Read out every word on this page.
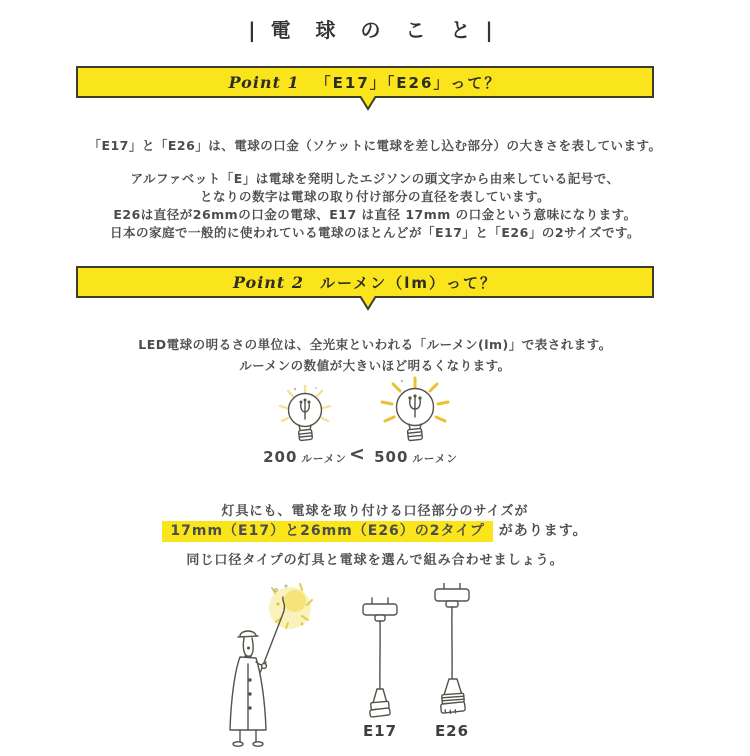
| 電 球 の こ と |
Point 1 「E17」「E26」って？
「E17」と「E26」は、電球の口金（ソケットに電球を差し込む部分）の大きさを表しています。
アルファベット「E」は電球を発明したエジソンの頭文字から由来している記号で、
となりの数字は電球の取り付け部分の直径を表しています。
E26は直径が26mmの口金の電球、E17 は直径 17mm の口金という意味になります。
日本の家庭で一般的に使われている電球のほとんどが「E17」と「E26」の2サイズです。
Point 2 ルーメン（lm）って？
LED電球の明るさの単位は、全光束といわれる「ルーメン(lm)」で表されます。
ルーメンの数値が大きいほど明るくなります。
200 ルーメン < 500 ルーメン
灯具にも、電球を取り付ける口径部分のサイズが
17mm（E17）と26mm（E26）の2タイプ があります。
同じ口径タイプの灯具と電球を選んで組み合わせましょう。
E17	E26
